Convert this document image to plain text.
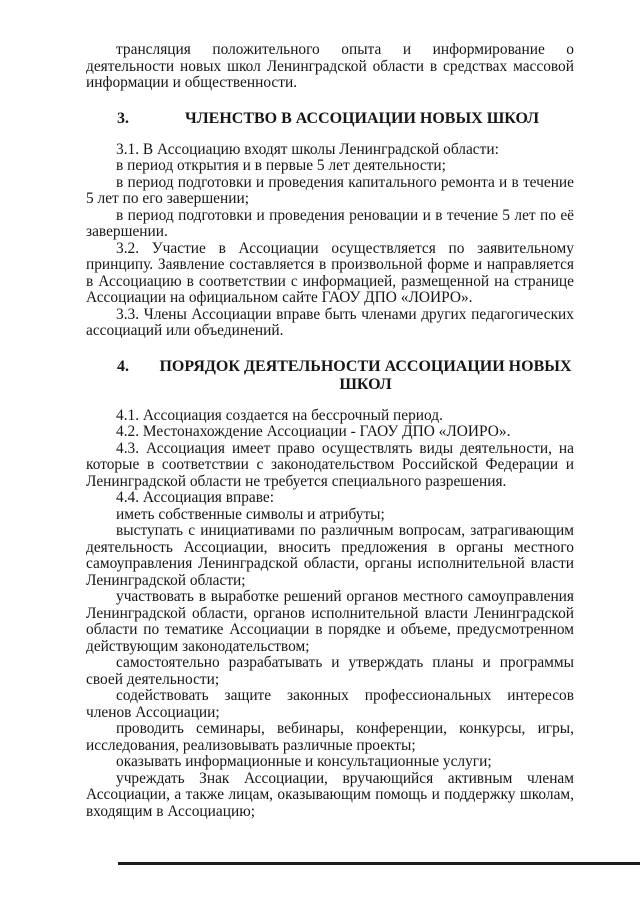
трансляция положительного опыта и информирование о деятельности новых школ Ленинградской области в средствах массовой информации и общественности.

3.	ЧЛЕНСТВО В АССОЦИАЦИИ НОВЫХ ШКОЛ

3.1. В Ассоциацию входят школы Ленинградской области:

в период открытия и в первые 5 лет деятельности;

в период подготовки и проведения капитального ремонта и в течение 5 лет по его завершении;

в период подготовки и проведения реновации и в течение 5 лет по её завершении.

3.2. Участие в Ассоциации осуществляется по заявительному принципу. Заявление составляется в произвольной форме и направляется в Ассоциацию в соответствии с информацией, размещенной на странице Ассоциации на официальном сайте ГАОУ ДПО «ЛОИРО».

3.3. Члены Ассоциации вправе быть членами других педагогических ассоциаций или объединений.

4.	ПОРЯДОК ДЕЯТЕЛЬНОСТИ АССОЦИАЦИИ НОВЫХ ШКОЛ

4.1. Ассоциация создается на бессрочный период.

4.2. Местонахождение Ассоциации - ГАОУ ДПО «ЛОИРО».

4.3. Ассоциация имеет право осуществлять виды деятельности, на которые в соответствии с законодательством Российской Федерации и Ленинградской области не требуется специального разрешения.

4.4. Ассоциация вправе:

иметь собственные символы и атрибуты;

выступать с инициативами по различным вопросам, затрагивающим деятельность Ассоциации, вносить предложения в органы местного самоуправления Ленинградской области, органы исполнительной власти Ленинградской области;

участвовать в выработке решений органов местного самоуправления Ленинградской области, органов исполнительной власти Ленинградской области по тематике Ассоциации в порядке и объеме, предусмотренном действующим законодательством;

самостоятельно разрабатывать и утверждать планы и программы своей деятельности;

содействовать защите законных профессиональных интересов членов Ассоциации;

проводить семинары, вебинары, конференции, конкурсы, игры, исследования, реализовывать различные проекты;

оказывать информационные и консультационные услуги;

учреждать Знак Ассоциации, вручающийся активным членам Ассоциации, а также лицам, оказывающим помощь и поддержку школам, входящим в Ассоциацию;
